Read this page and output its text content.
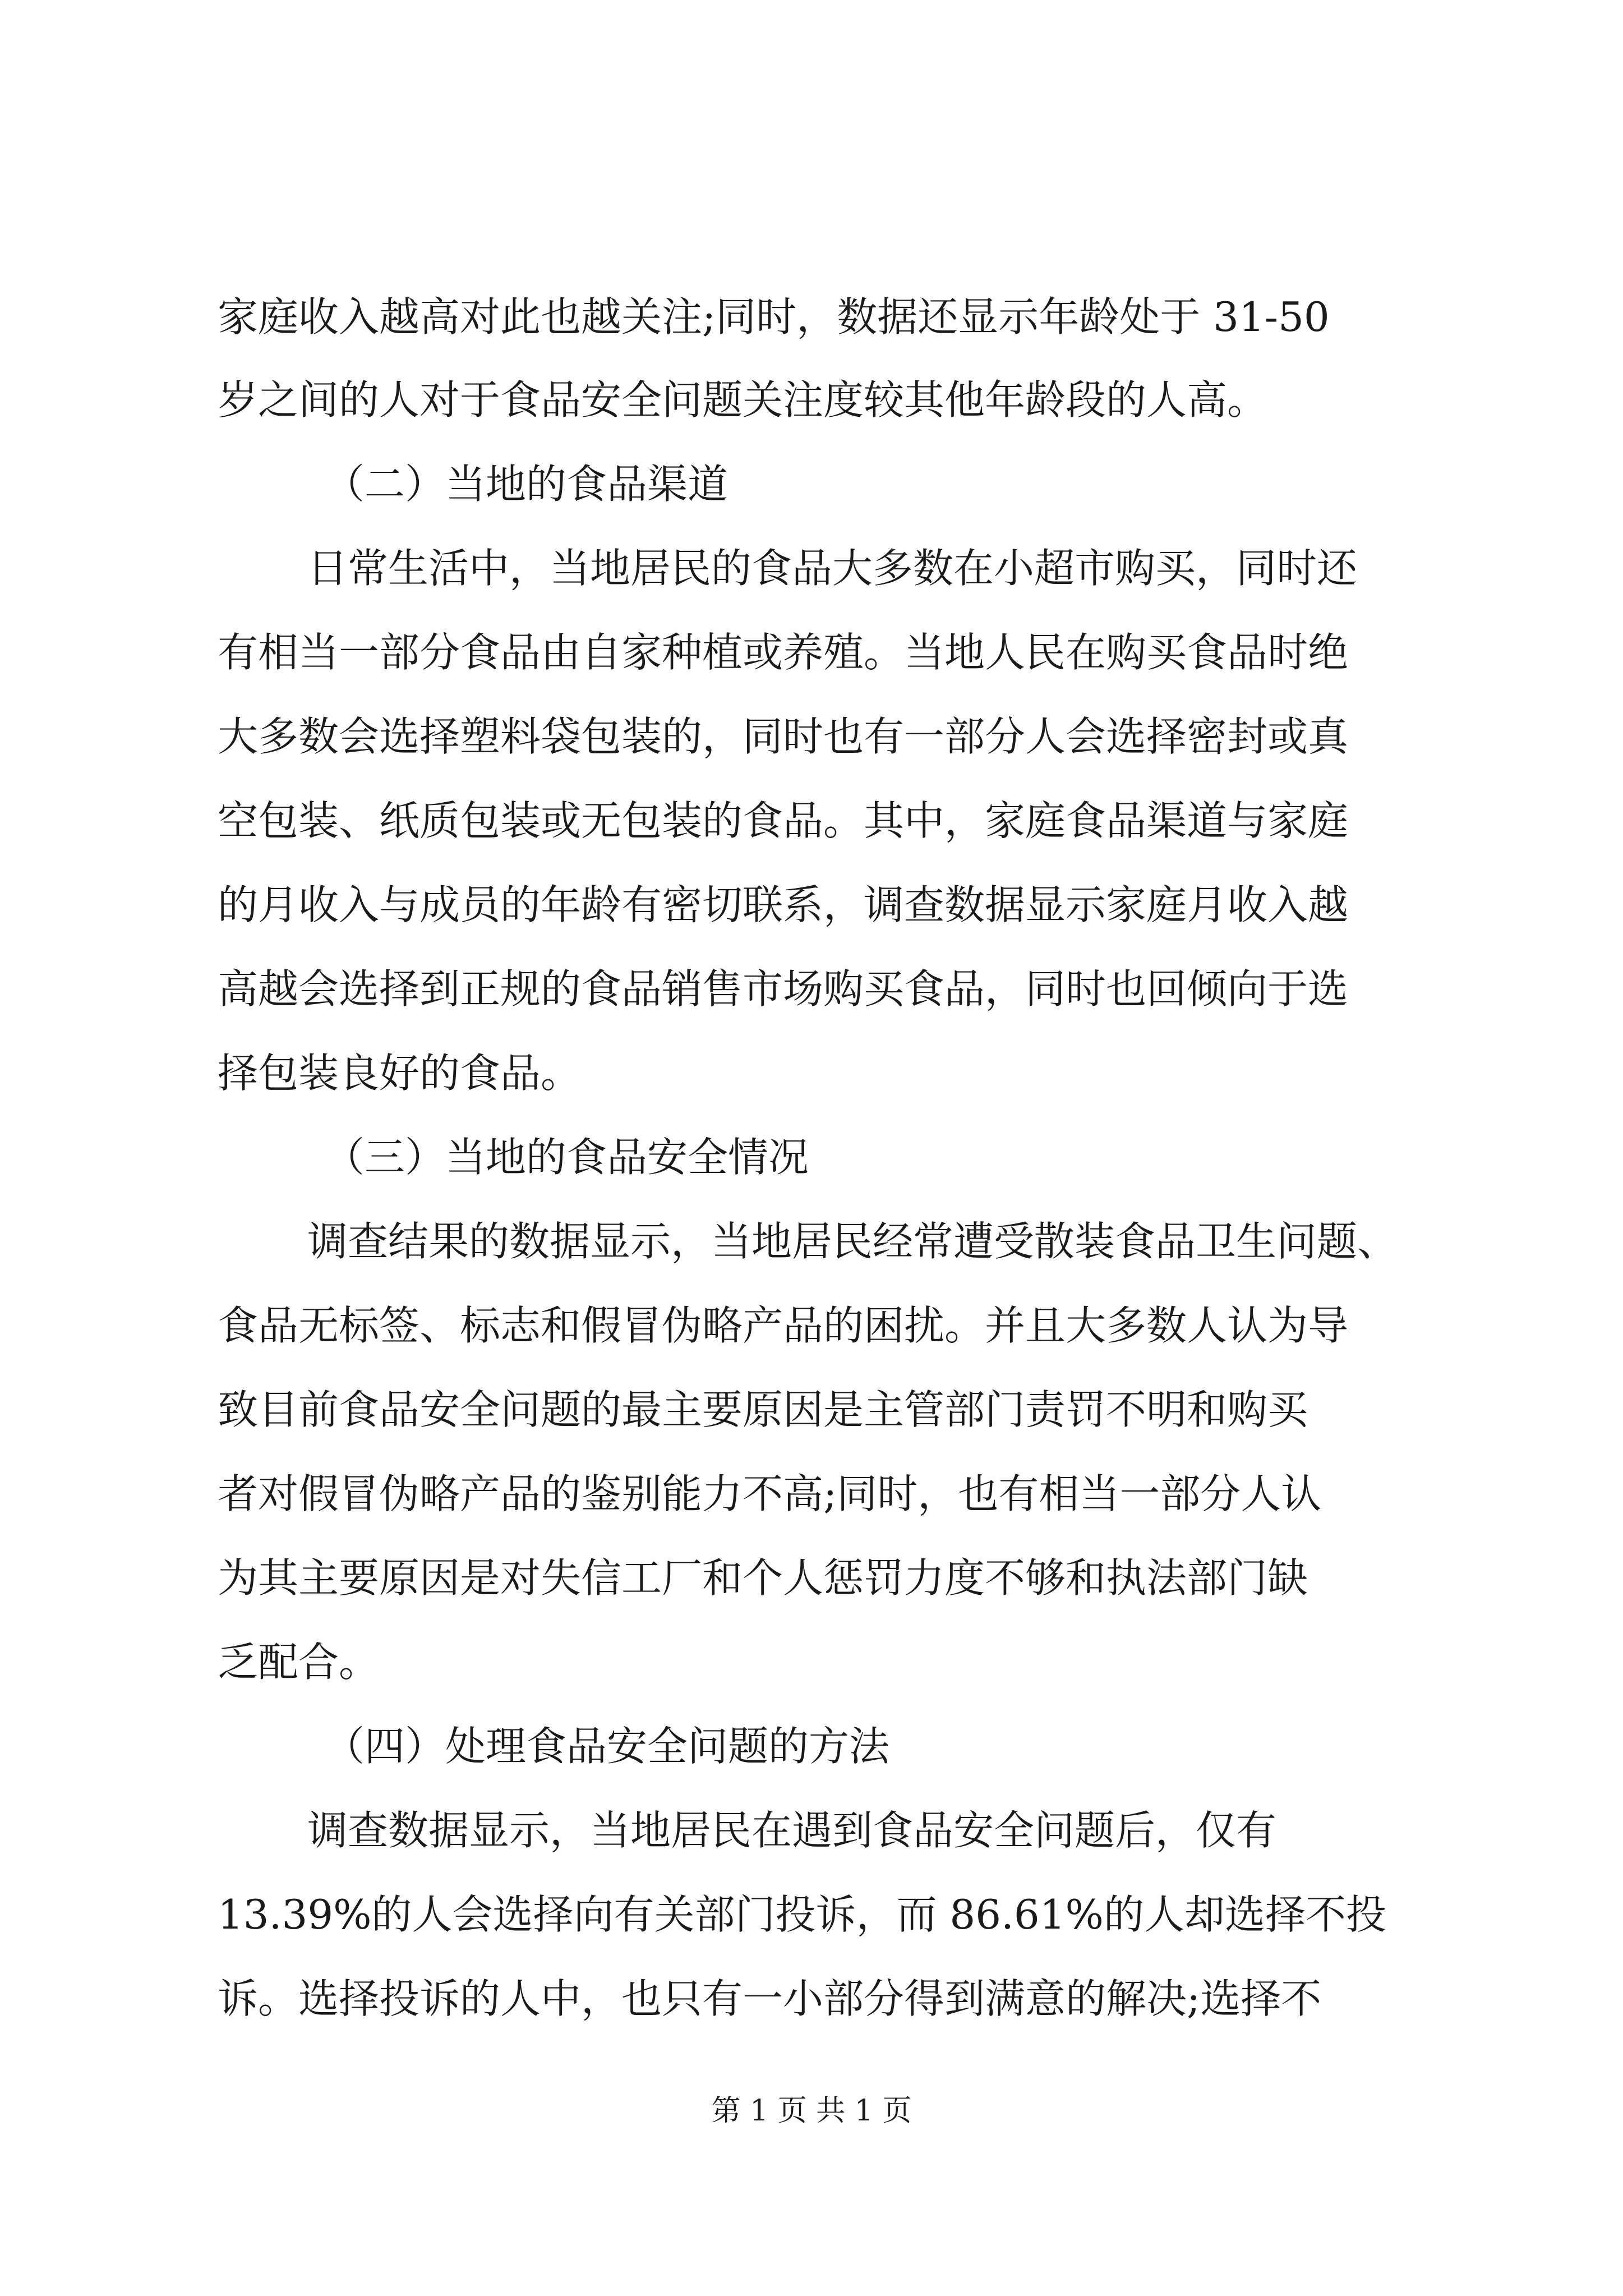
家庭收入越高对此也越关注;同时，数据还显示年龄处于 31-50
岁之间的人对于食品安全问题关注度较其他年龄段的人高。
（二）当地的食品渠道
日常生活中，当地居民的食品大多数在小超市购买，同时还
有相当一部分食品由自家种植或养殖。当地人民在购买食品时绝
大多数会选择塑料袋包装的，同时也有一部分人会选择密封或真
空包装、纸质包装或无包装的食品。其中，家庭食品渠道与家庭
的月收入与成员的年龄有密切联系，调查数据显示家庭月收入越
高越会选择到正规的食品销售市场购买食品，同时也回倾向于选
择包装良好的食品。
（三）当地的食品安全情况
调查结果的数据显示，当地居民经常遭受散装食品卫生问题、
食品无标签、标志和假冒伪略产品的困扰。并且大多数人认为导
致目前食品安全问题的最主要原因是主管部门责罚不明和购买
者对假冒伪略产品的鉴别能力不高;同时，也有相当一部分人认
为其主要原因是对失信工厂和个人惩罚力度不够和执法部门缺
乏配合。
（四）处理食品安全问题的方法
调查数据显示，当地居民在遇到食品安全问题后，仅有
13.39%的人会选择向有关部门投诉，而 86.61%的人却选择不投
诉。选择投诉的人中，也只有一小部分得到满意的解决;选择不
第 1 页 共 1 页
